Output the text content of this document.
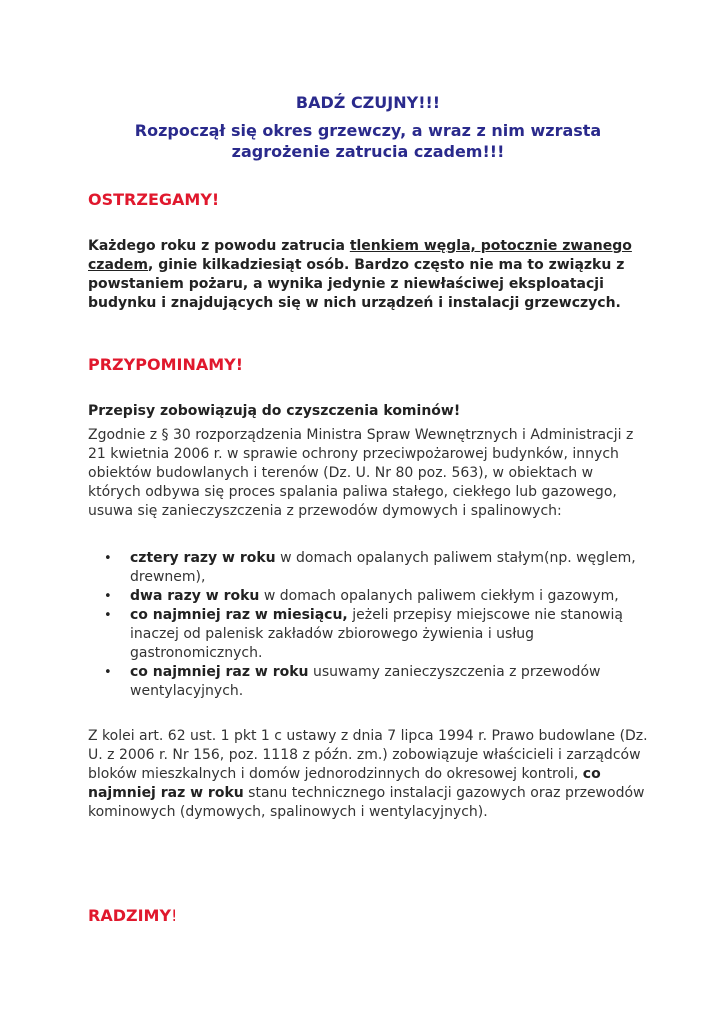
BADŹ CZUJNY!!!
Rozpoczął się okres grzewczy, a wraz z nim wzrasta
zagrożenie zatrucia czadem!!!
OSTRZEGAMY!
Każdego roku z powodu zatrucia tlenkiem węgla, potocznie zwanego czadem, ginie kilkadziesiąt osób. Bardzo często nie ma to związku z powstaniem pożaru, a wynika jedynie z niewłaściwej eksploatacji budynku i znajdujących się w nich urządzeń i instalacji grzewczych.
PRZYPOMINAMY!
Przepisy zobowiązują do czyszczenia kominów!
Zgodnie z § 30 rozporządzenia Ministra Spraw Wewnętrznych i Administracji z 21 kwietnia 2006 r. w sprawie ochrony przeciwpożarowej budynków, innych obiektów budowlanych i terenów (Dz. U. Nr 80 poz. 563), w obiektach w których odbywa się proces spalania paliwa stałego, ciekłego lub gazowego, usuwa się zanieczyszczenia z przewodów dymowych i spalinowych:
• cztery razy w roku w domach opalanych paliwem stałym(np. węglem, drewnem),
• dwa razy w roku w domach opalanych paliwem ciekłym i gazowym,
• co najmniej raz w miesiącu, jeżeli przepisy miejscowe nie stanowią inaczej od palenisk zakładów zbiorowego żywienia i usług gastronomicznych.
• co najmniej raz w roku usuwamy zanieczyszczenia z przewodów wentylacyjnych.
Z kolei art. 62 ust. 1 pkt 1 c ustawy z dnia 7 lipca 1994 r. Prawo budowlane (Dz. U. z 2006 r. Nr 156, poz. 1118 z późn. zm.) zobowiązuje właścicieli i zarządców bloków mieszkalnych i domów jednorodzinnych do okresowej kontroli, co najmniej raz w roku stanu technicznego instalacji gazowych oraz przewodów kominowych (dymowych, spalinowych i wentylacyjnych).
RADZIMY!
